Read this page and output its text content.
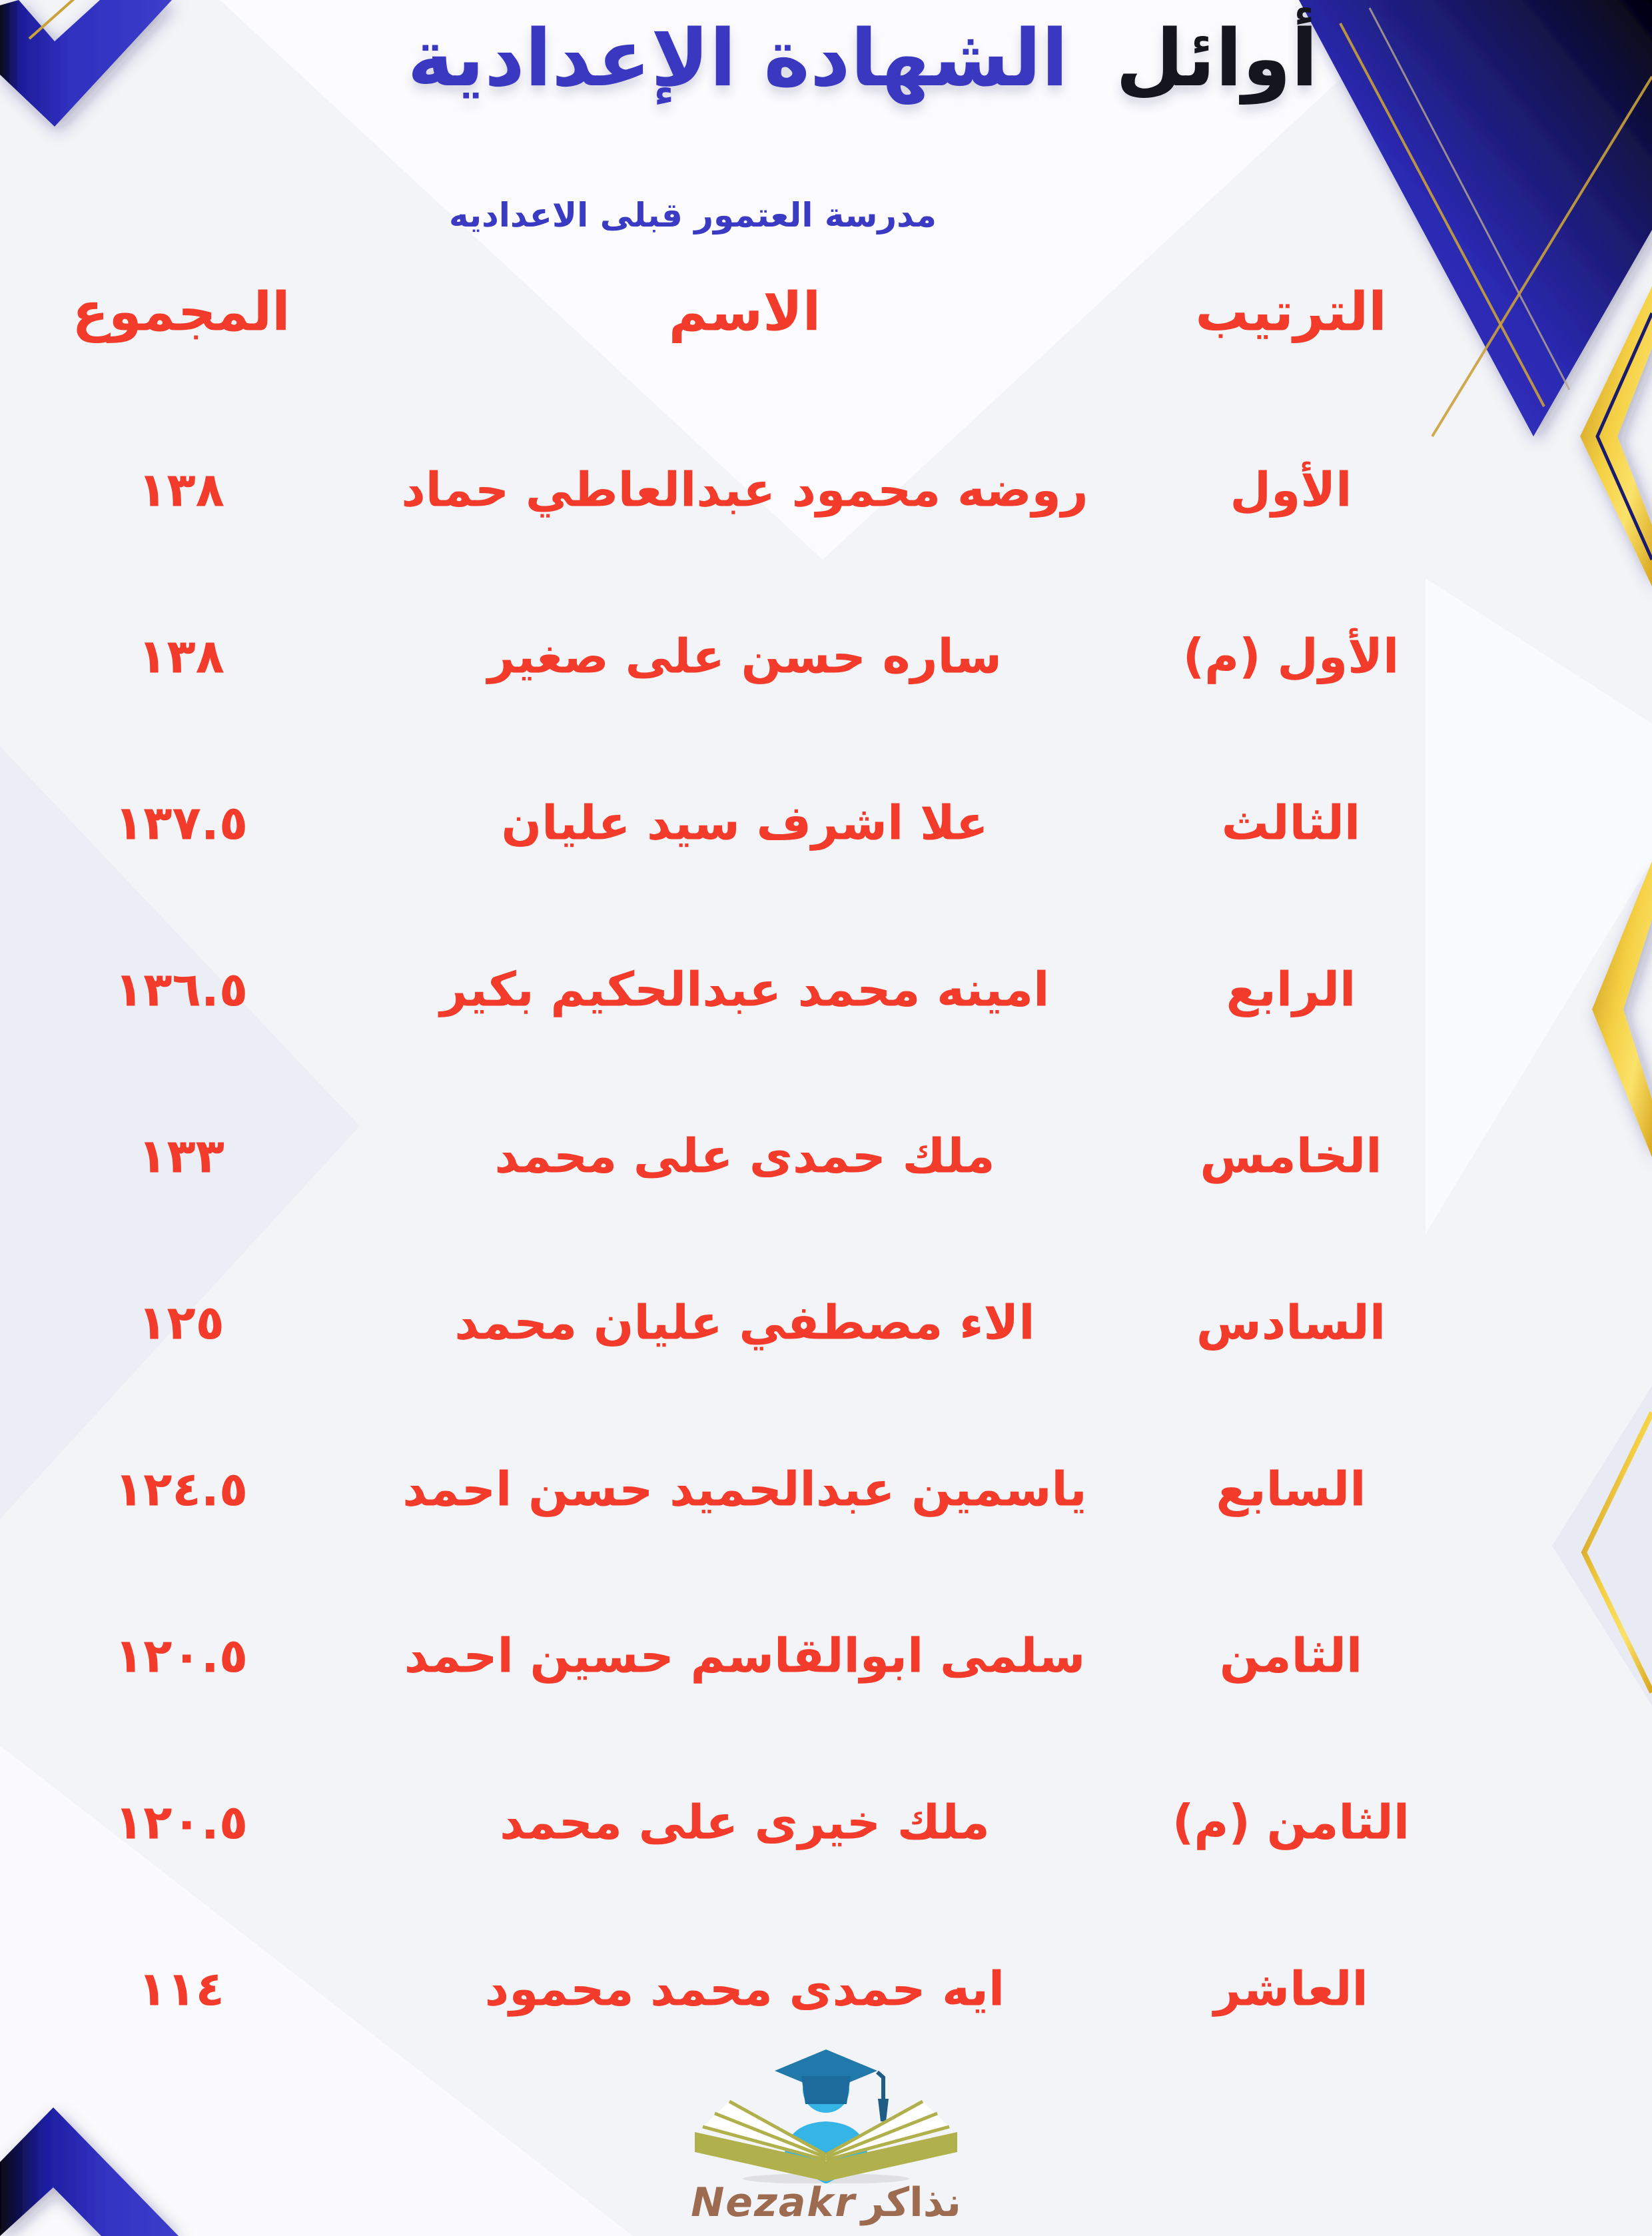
أوائل الشهادة الإعدادية
مدرسة العتمور قبلى الاعداديه
الترتيب
الاسم
المجموع
الأول
روضه محمود عبدالعاطي حماد
١٣٨
الأول (م)
ساره حسن على صغير
١٣٨
الثالث
علا اشرف سيد عليان
١٣٧.٥
الرابع
امينه محمد عبدالحكيم بكير
١٣٦.٥
الخامس
ملك حمدى على محمد
١٣٣
السادس
الاء مصطفي عليان محمد
١٢٥
السابع
ياسمين عبدالحميد حسن احمد
١٢٤.٥
الثامن
سلمى ابوالقاسم حسين احمد
١٢٠.٥
الثامن (م)
ملك خيرى على محمد
١٢٠.٥
العاشر
ايه حمدى محمد محمود
١١٤
Nezakr نذاكر
